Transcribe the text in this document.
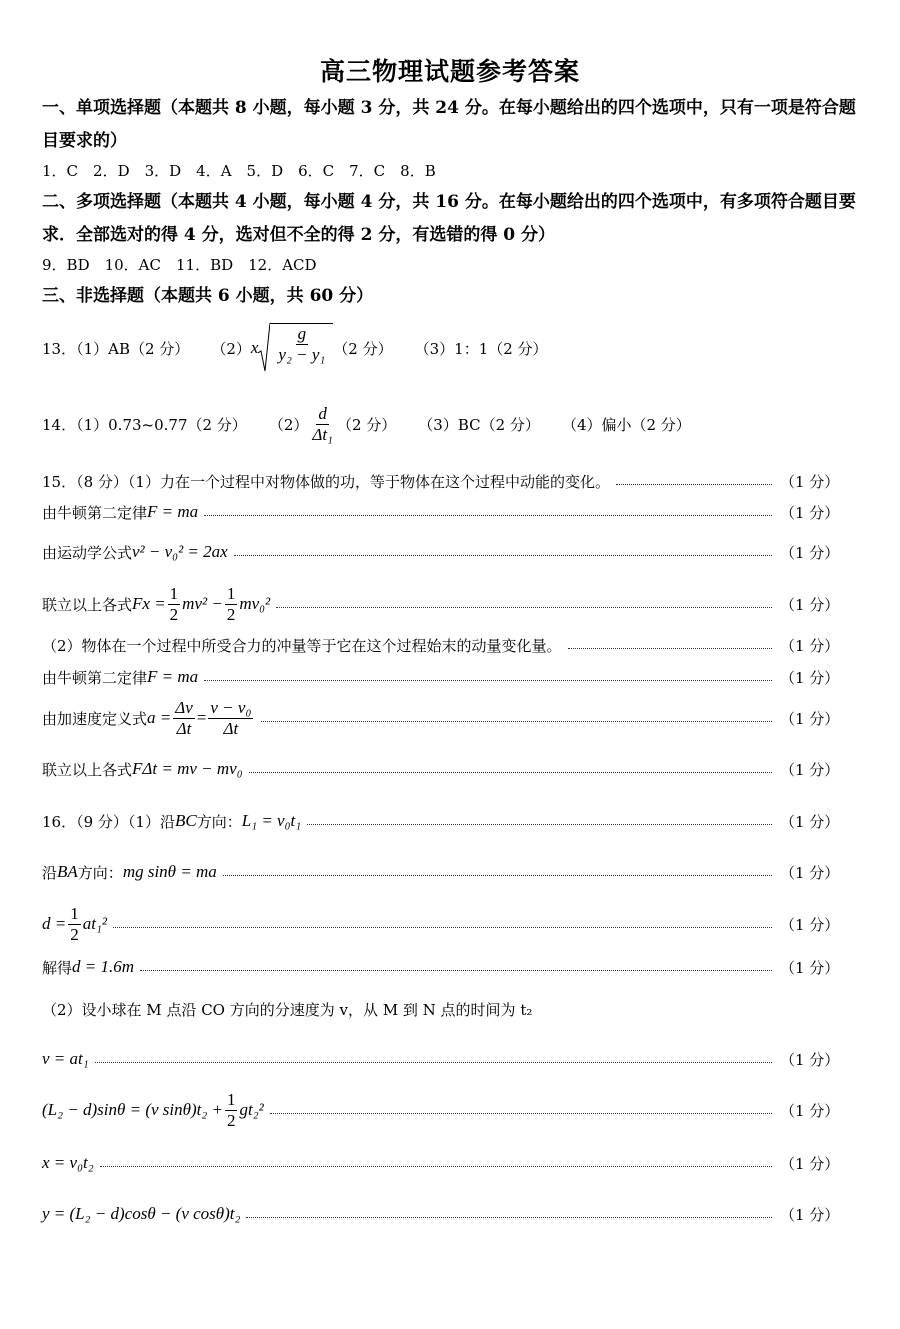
高三物理试题参考答案
一、单项选择题（本题共 8 小题，每小题 3 分，共 24 分。在每小题给出的四个选项中，只有一项是符合题目要求的）
1．C　2．D　3．D　4．A　5．D　6．C　7．C　8．B
二、多项选择题（本题共 4 小题，每小题 4 分，共 16 分。在每小题给出的四个选项中，有多项符合题目要求．全部选对的得 4 分，选对但不全的得 2 分，有选错的得 0 分）
9．BD　10．AC　11．BD　12．ACD
三、非选择题（本题共 6 小题，共 60 分）
13．（1）AB（2 分） （2） x $\frac{g}{\text{y₂ − y₁}} (2$ 分） （3）1：1（2 分）
14．（1）0.73~0.77（2 分） $(2) \frac{d}{\text{Δt₁}} (2$ 分） （3）BC（2 分） （4）偏小（2 分）
15．（8 分）（1）力在一个过程中对物体做的功，等于物体在这个过程中动能的变化。	（1 分）
由牛顿第二定律 F = ma	（1 分）
由运动学公式 v² − v₀² = 2ax	（1 分）
联立以上各式 $Fx = \frac{1}{2} mv^2 - \frac{1}{2} mv_0^2$	（1 分）
（2）物体在一个过程中所受合力的冲量等于它在这个过程始末的动量变化量。	（1 分）
由牛顿第二定律 F = ma	（1 分）
由加速度定义式 $a = \frac{\Delta v}{\Delta t} = \frac{\text{v − v₀}}{\Delta t}$	（1 分）
联立以上各式 FΔt = mv − mv₀	（1 分）
16．（9 分）（1）沿 BC 方向： L₁ = v₀t₁	（1 分）
沿 BA 方向： mg sinθ = ma	（1 分）
$d = \frac{1}{2} at_1^2$	（1 分）
解得 d = 1.6m	（1 分）
（2）设小球在 M 点沿 CO 方向的分速度为 v，从 M 到 N 点的时间为 t₂
v = at₁	（1 分）
(L₂ − d)sinθ = (v $\sin\theta)t_2 + \frac{1}{2} gt_2^2$	（1 分）
x = v₀t₂	（1 分）
y = (L₂ − d)cosθ − (v cosθ)t₂	（1 分）
